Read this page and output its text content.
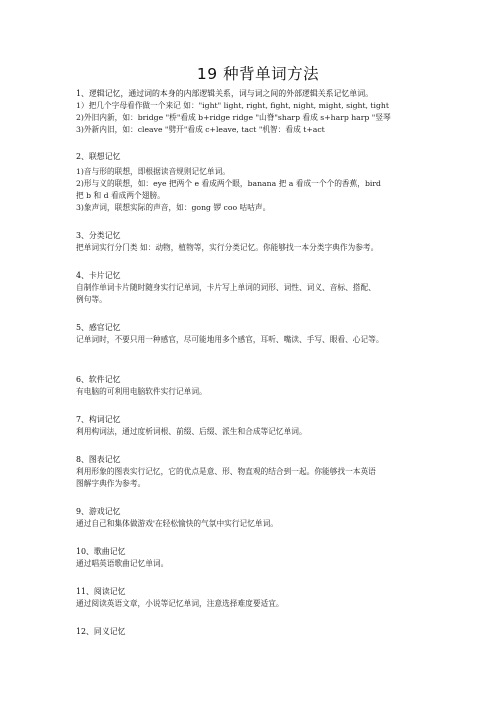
19 种背单词方法

1、逻辑记忆，通过词的本身的内部逻辑关系，词与词之间的外部逻辑关系记忆单词。

1）把几个字母看作做一个来记 如："ight" light, right, fight, night, might, sight, tight

2)外旧内新，如：bridge "桥"看成 b+ridge ridge "山脊"sharp 看成 s+harp harp "竖琴

3)外新内旧，如：cleave "劈开"看成 c+leave, tact "机智：看成 t+act

2、联想记忆

1)音与形的联想，即根据读音规则记忆单词。

2)形与义的联想，如：eye 把两个 e 看成两个眼，banana 把 a 看成一个个的香蕉，bird

把 b 和 d 看成两个翅膀。

3)象声词，联想实际的声音，如：gong 锣 coo 咕咕声。

3、分类记忆

把单词实行分门类 如：动物，植物等，实行分类记忆。你能够找一本分类字典作为参考。

4、卡片记忆

自制作单词卡片随时随身实行记单词，卡片写上单词的词形、词性、词义、音标、搭配、

例句等。

5、感官记忆

记单词时，不要只用一种感官，尽可能地用多个感官，耳听、嘴读、手写、眼看、心记等。

6、软件记忆

有电脑的可利用电脑软件实行记单词。

7、构词记忆

利用构词法，通过度析词根、前缀、后缀、派生和合成等记忆单词。

8、图表记忆

利用形象的图表实行记忆，它的优点是意、形、物直观的结合到一起。你能够找一本英语

图解字典作为参考。

9、游戏记忆

通过自己和集体做游戏'在轻松愉快的气氛中实行记忆单词。

10、歌曲记忆

通过唱英语歌曲记忆单词。

11、阅读记忆

通过阅读英语文章，小说等记忆单词，注意选择难度要适宜。

12、同义记忆
